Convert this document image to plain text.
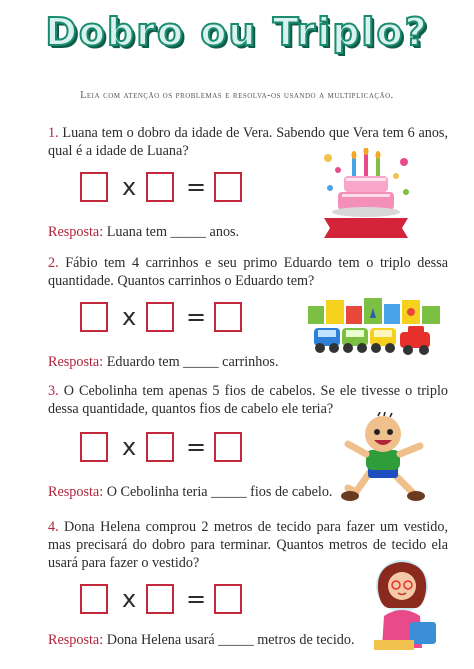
Dobro ou Triplo?
Leia com atenção os problemas e resolva-os usando a multiplicação.
1. Luana tem o dobro da idade de Vera. Sabendo que Vera tem 6 anos, qual é a idade de Luana?
x =
Resposta: Luana tem _____ anos.
2. Fábio tem 4 carrinhos e seu primo Eduardo tem o triplo dessa quantidade. Quantos carrinhos o Eduardo tem?
x =
Resposta: Eduardo tem _____ carrinhos.
3. O Cebolinha tem apenas 5 fios de cabelos. Se ele tivesse o triplo dessa quantidade, quantos fios de cabelo ele teria?
x =
Resposta: O Cebolinha teria _____ fios de cabelo.
4. Dona Helena comprou 2 metros de tecido para fazer um vestido, mas precisará do dobro para terminar. Quantos metros de tecido ela usará para fazer o vestido?
x =
Resposta: Dona Helena usará _____ metros de tecido.
